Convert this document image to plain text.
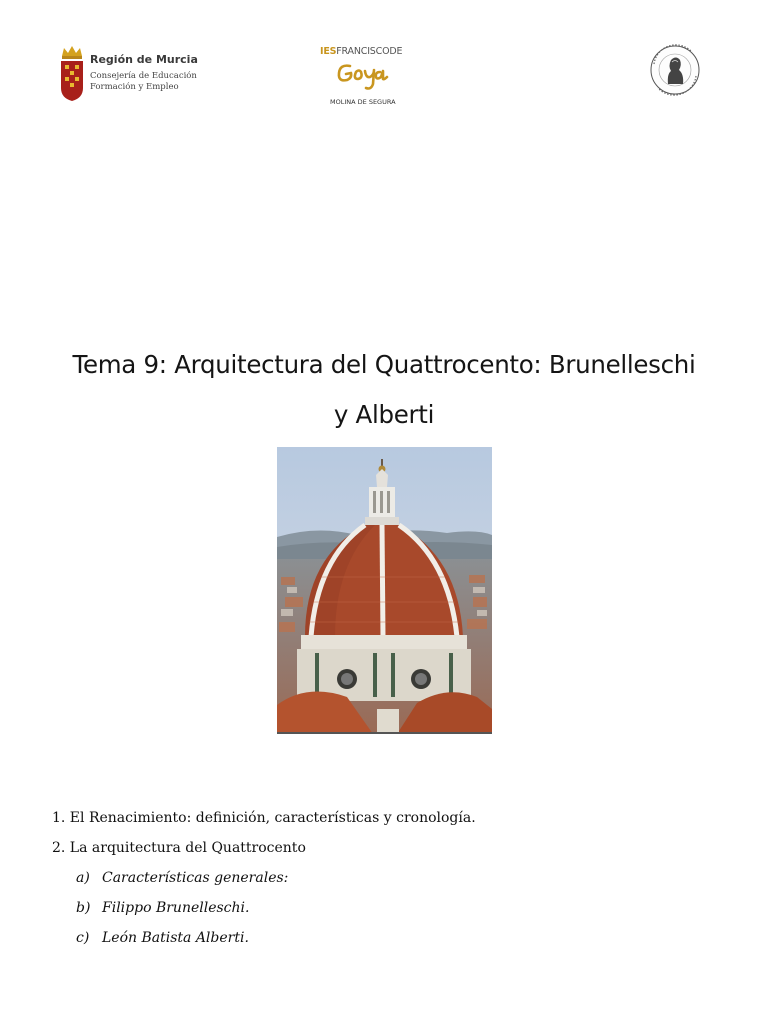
Región de Murcia
Consejería de Educación
Formación y Empleo
IESFRANCISCODE
MOLINA DE SEGURA
Tema 9: Arquitectura del Quattrocento: Brunelleschi
y Alberti
1. El Renacimiento: definición, características y cronología.
2. La arquitectura del Quattrocento
a) Características generales:
b) Filippo Brunelleschi.
c) León Batista Alberti.
